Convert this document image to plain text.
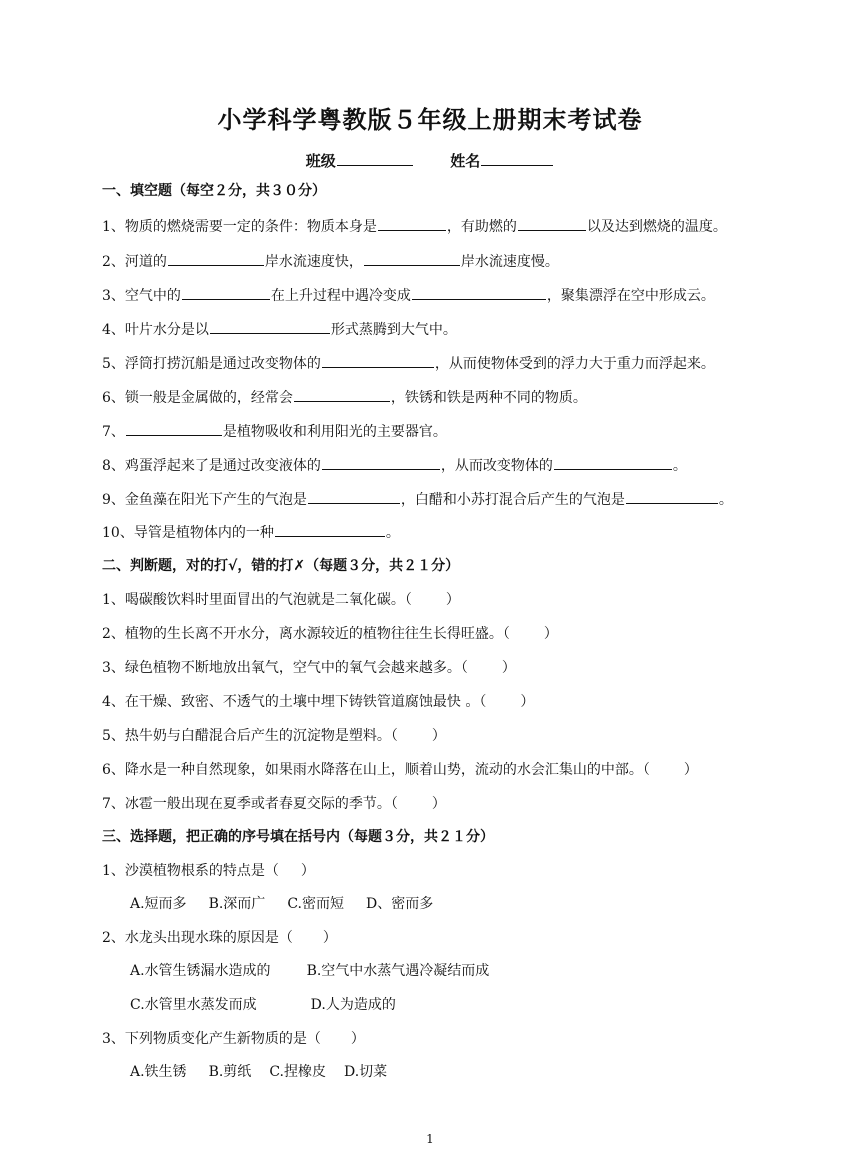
小学科学粤教版５年级上册期末考试卷
班级	姓名
一、填空题（每空２分，共３０分）
1、物质的燃烧需要一定的条件：物质本身是	，有助燃的	以及达到燃烧的温度。
2、河道的	岸水流速度快，	岸水流速度慢。
3、空气中的	在上升过程中遇冷变成	，聚集漂浮在空中形成云。
4、叶片水分是以	形式蒸腾到大气中。
5、浮筒打捞沉船是通过改变物体的	，从而使物体受到的浮力大于重力而浮起来。
6、锁一般是金属做的，经常会	，铁锈和铁是两种不同的物质。
7、	是植物吸收和利用阳光的主要器官。
8、鸡蛋浮起来了是通过改变液体的	，从而改变物体的	。
9、金鱼藻在阳光下产生的气泡是	，白醋和小苏打混合后产生的气泡是	。
10、导管是植物体内的一种	。
二、判断题，对的打√，错的打✗（每题３分，共２１分）
1、喝碳酸饮料时里面冒出的气泡就是二氧化碳。（ ）
2、植物的生长离不开水分，离水源较近的植物往往生长得旺盛。（ ）
3、绿色植物不断地放出氧气，空气中的氧气会越来越多。（ ）
4、在干燥、致密、不透气的土壤中埋下铸铁管道腐蚀最快 。（ ）
5、热牛奶与白醋混合后产生的沉淀物是塑料。（ ）
6、降水是一种自然现象，如果雨水降落在山上，顺着山势，流动的水会汇集山的中部。（ ）
7、冰雹一般出现在夏季或者春夏交际的季节。（ ）
三、选择题，把正确的序号填在括号内（每题３分，共２１分）
1、沙漠植物根系的特点是（ ）
A.短而多 B.深而广 C.密而短 D、密而多
2、水龙头出现水珠的原因是（ ）
A.水管生锈漏水造成的	B.空气中水蒸气遇冷凝结而成
C.水管里水蒸发而成	D.人为造成的
3、下列物质变化产生新物质的是（ ）
A.铁生锈 B.剪纸 C.捏橡皮 D.切菜
1
